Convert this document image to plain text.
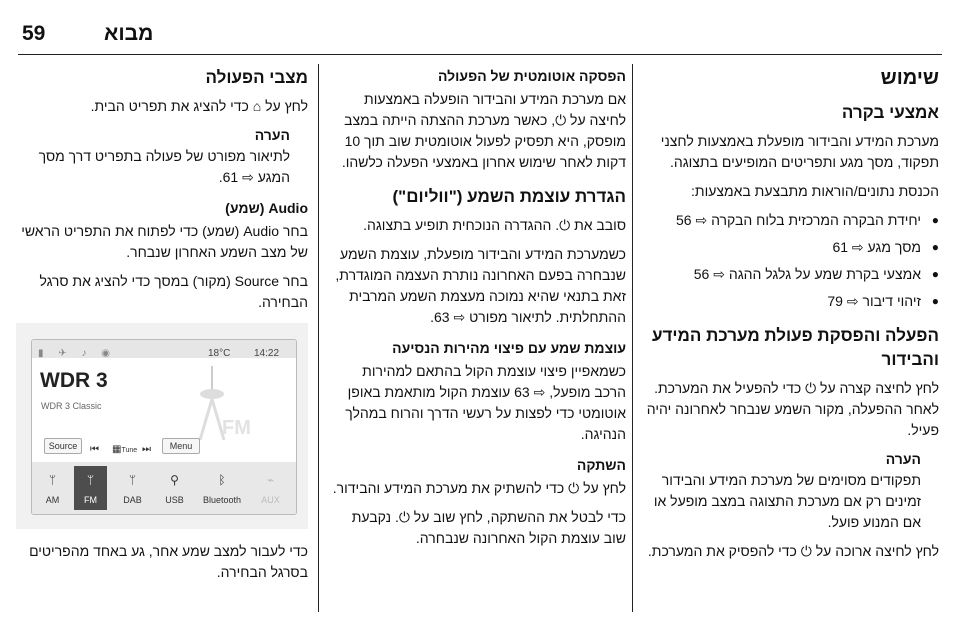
59	מבוא
שימוש
אמצעי בקרה

מערכת המידע והבידור מופעלת באמצעות לחצני תפקוד, מסך מגע ותפריטים המופיעים בתצוגה.

הכנסת נתונים/הוראות מתבצעת באמצעות:

● יחידת הבקרה המרכזית בלוח הבקרה ⇨ 56
● מסך מגע ⇨ 61
● אמצעי בקרת שמע על גלגל ההגה ⇨ 56
● זיהוי דיבור ⇨ 79
הפעלה והפסקת פעולת מערכת המידע והבידור

לחץ לחיצה קצרה על ⏻ כדי להפעיל את המערכת. לאחר ההפעלה, מקור השמע שנבחר לאחרונה יהיה פעיל.

הערה
תפקודים מסוימים של מערכת המידע והבידור זמינים רק אם מערכת התצוגה במצב מופעל או אם המנוע פועל.

לחץ לחיצה ארוכה על ⏻ כדי להפסיק את המערכת.

הפסקה אוטומטית של הפעולה

אם מערכת המידע והבידור הופעלה באמצעות לחיצה על ⏻, כאשר מערכת ההצתה הייתה במצב מופסק, היא תפסיק לפעול אוטומטית שוב תוך 10 דקות לאחר שימוש אחרון באמצעי הפעלה כלשהו.

הגדרת עוצמת השמע ("ווליום")

סובב את ⏻. ההגדרה הנוכחית תופיע בתצוגה.

כשמערכת המידע והבידור מופעלת, עוצמת השמע שנבחרה בפעם האחרונה נותרת העצמה המוגדרת, זאת בתנאי שהיא נמוכה מעצמת השמע המרבית ההתחלתית. לתיאור מפורט ⇨ 63.

עוצמת שמע עם פיצוי מהירות הנסיעה

כשמאפיין פיצוי עוצמת הקול בהתאם למהירות הרכב מופעל, ⇨ 63 עוצמת הקול מותאמת באופן אוטומטי כדי לפצות על רעשי הדרך והרוח במהלך הנהיגה.

השתקה

לחץ על ⏻ כדי להשתיק את מערכת המידע והבידור.

כדי לבטל את ההשתקה, לחץ שוב על ⏻. נקבעת שוב עוצמת הקול האחרונה שנבחרה.

מצבי הפעולה

לחץ על ⌂ כדי להציג את תפריט הבית.

הערה
לתיאור מפורט של פעולה בתפריט דרך מסך המגע ⇨ 61.
Audio (שמע)

בחר Audio (שמע) כדי לפתוח את התפריט הראשי של מצב השמע האחרון שנבחר.

בחר Source (מקור) במסך כדי להציג את סרגל הבחירה.

▮ ✈ ♪ ◉	18°C 14:22
WDR 3
WDR 3 Classic
FM
Source	⏮ ▦Tune ⏭	Menu
ᛘ
AM
ᛘ
FM
ᛘ
DAB
⚲
USB
ᛒ
Bluetooth
⌁
AUX

כדי לעבור למצב שמע אחר, גע באחד מהפריטים בסרגל הבחירה.
